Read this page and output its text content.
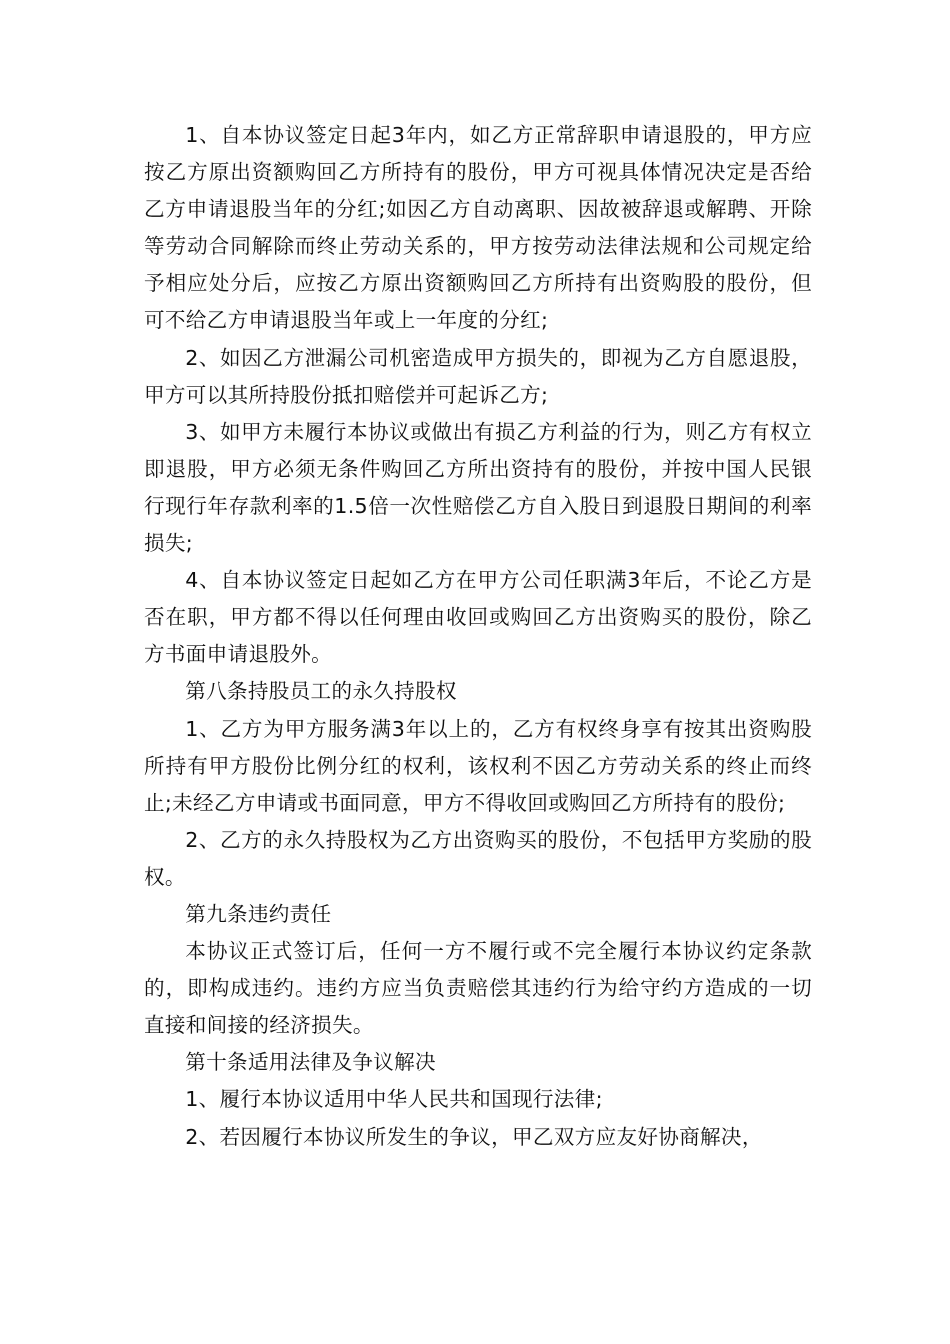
1、自本协议签定日起3年内，如乙方正常辞职申请退股的，甲方应按乙方原出资额购回乙方所持有的股份，甲方可视具体情况决定是否给乙方申请退股当年的分红;如因乙方自动离职、因故被辞退或解聘、开除等劳动合同解除而终止劳动关系的，甲方按劳动法律法规和公司规定给予相应处分后，应按乙方原出资额购回乙方所持有出资购股的股份，但可不给乙方申请退股当年或上一年度的分红;

2、如因乙方泄漏公司机密造成甲方损失的，即视为乙方自愿退股，甲方可以其所持股份抵扣赔偿并可起诉乙方;

3、如甲方未履行本协议或做出有损乙方利益的行为，则乙方有权立即退股，甲方必须无条件购回乙方所出资持有的股份，并按中国人民银行现行年存款利率的1.5倍一次性赔偿乙方自入股日到退股日期间的利率损失;

4、自本协议签定日起如乙方在甲方公司任职满3年后，不论乙方是否在职，甲方都不得以任何理由收回或购回乙方出资购买的股份，除乙方书面申请退股外。

第八条持股员工的永久持股权

1、乙方为甲方服务满3年以上的，乙方有权终身享有按其出资购股所持有甲方股份比例分红的权利，该权利不因乙方劳动关系的终止而终止;未经乙方申请或书面同意，甲方不得收回或购回乙方所持有的股份;

2、乙方的永久持股权为乙方出资购买的股份，不包括甲方奖励的股权。

第九条违约责任

本协议正式签订后，任何一方不履行或不完全履行本协议约定条款的，即构成违约。违约方应当负责赔偿其违约行为给守约方造成的一切直接和间接的经济损失。

第十条适用法律及争议解决

1、履行本协议适用中华人民共和国现行法律;

2、若因履行本协议所发生的争议，甲乙双方应友好协商解决，
